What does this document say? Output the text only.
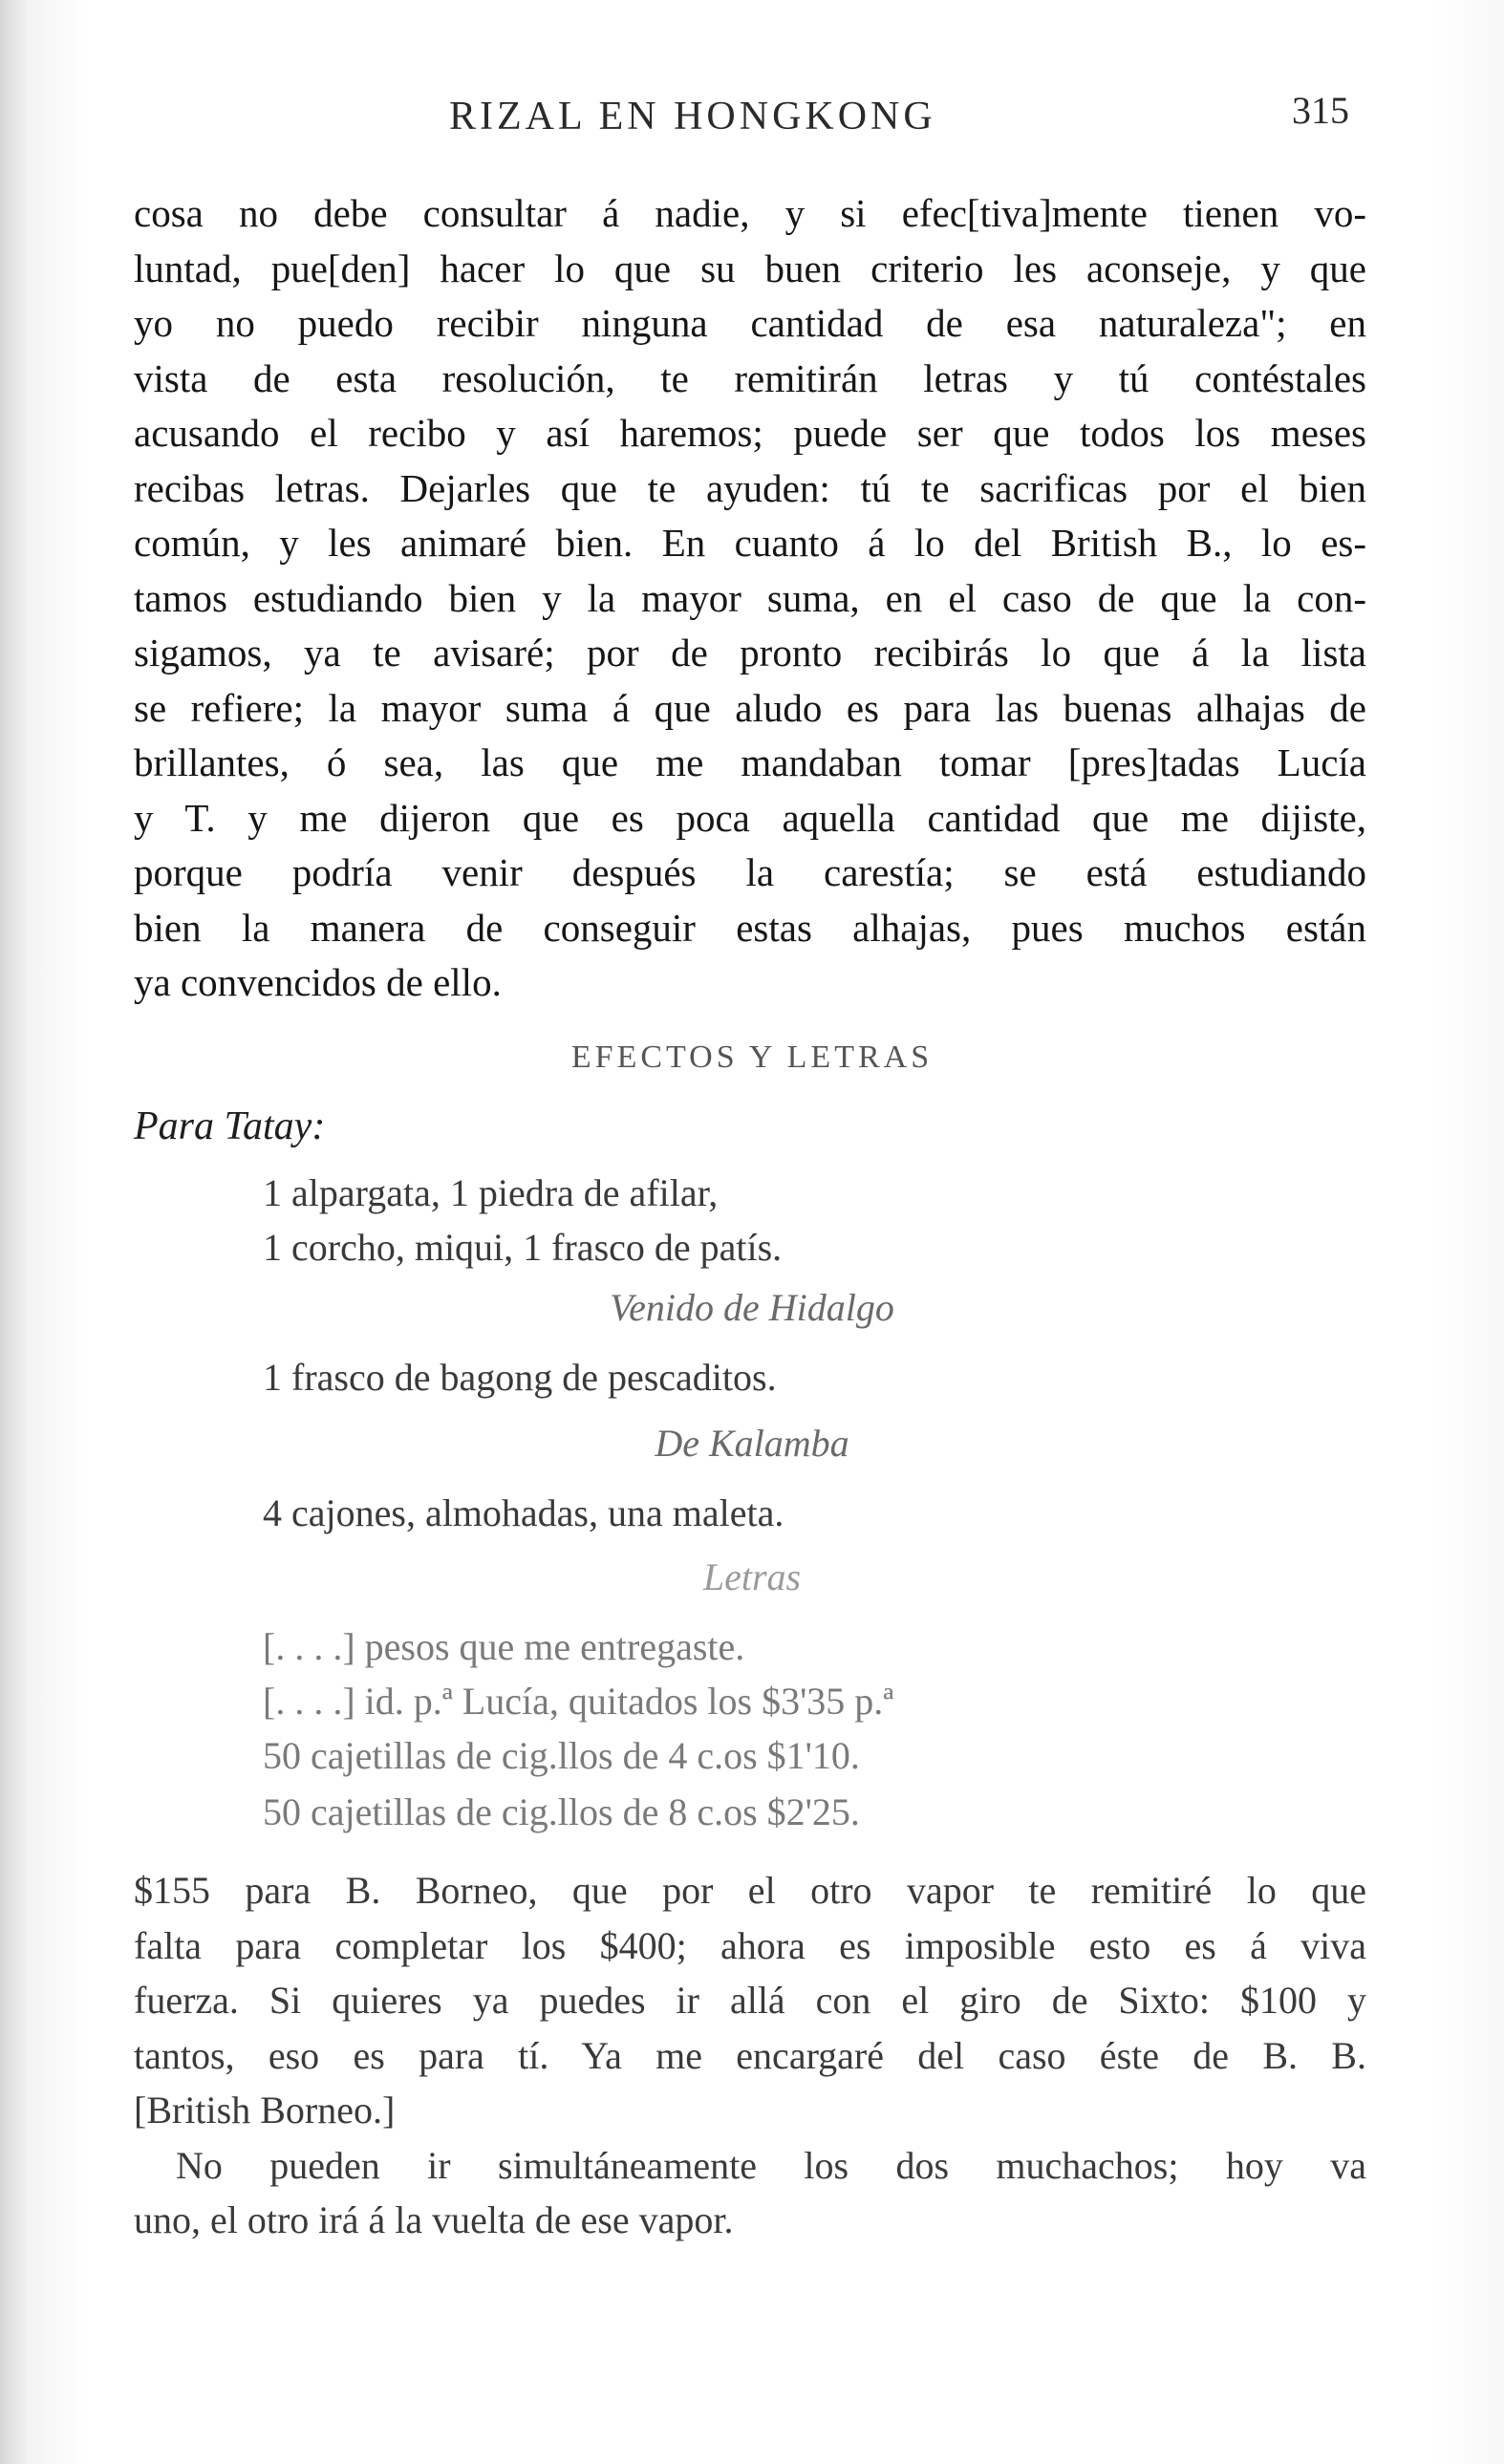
RIZAL EN HONGKONG	315
cosa no debe consultar á nadie, y si efec[tiva]mente tienen vo-
luntad, pue[den] hacer lo que su buen criterio les aconseje, y que
yo no puedo recibir ninguna cantidad de esa naturaleza"; en
vista de esta resolución, te remitirán letras y tú contéstales
acusando el recibo y así haremos; puede ser que todos los meses
recibas letras. Dejarles que te ayuden: tú te sacrificas por el bien
común, y les animaré bien. En cuanto á lo del British B., lo es-
tamos estudiando bien y la mayor suma, en el caso de que la con-
sigamos, ya te avisaré; por de pronto recibirás lo que á la lista
se refiere; la mayor suma á que aludo es para las buenas alhajas de
brillantes, ó sea, las que me mandaban tomar [pres]tadas Lucía
y T. y me dijeron que es poca aquella cantidad que me dijiste,
porque podría venir después la carestía; se está estudiando
bien la manera de conseguir estas alhajas, pues muchos están
ya convencidos de ello.
EFECTOS Y LETRAS
Para Tatay:
1 alpargata, 1 piedra de afilar,
1 corcho, miqui, 1 frasco de patís.
Venido de Hidalgo
1 frasco de bagong de pescaditos.
De Kalamba
4 cajones, almohadas, una maleta.
Letras
[. . . .] pesos que me entregaste.
[. . . .] id. p.ª Lucía, quitados los $3'35 p.ª
50 cajetillas de cig.llos de 4 c.os $1'10.
50 cajetillas de cig.llos de 8 c.os $2'25.
$155 para B. Borneo, que por el otro vapor te remitiré lo que
falta para completar los $400; ahora es imposible esto es á viva
fuerza. Si quieres ya puedes ir allá con el giro de Sixto: $100 y
tantos, eso es para tí. Ya me encargaré del caso éste de B. B.
[British Borneo.]
No pueden ir simultáneamente los dos muchachos; hoy va
uno, el otro irá á la vuelta de ese vapor.
